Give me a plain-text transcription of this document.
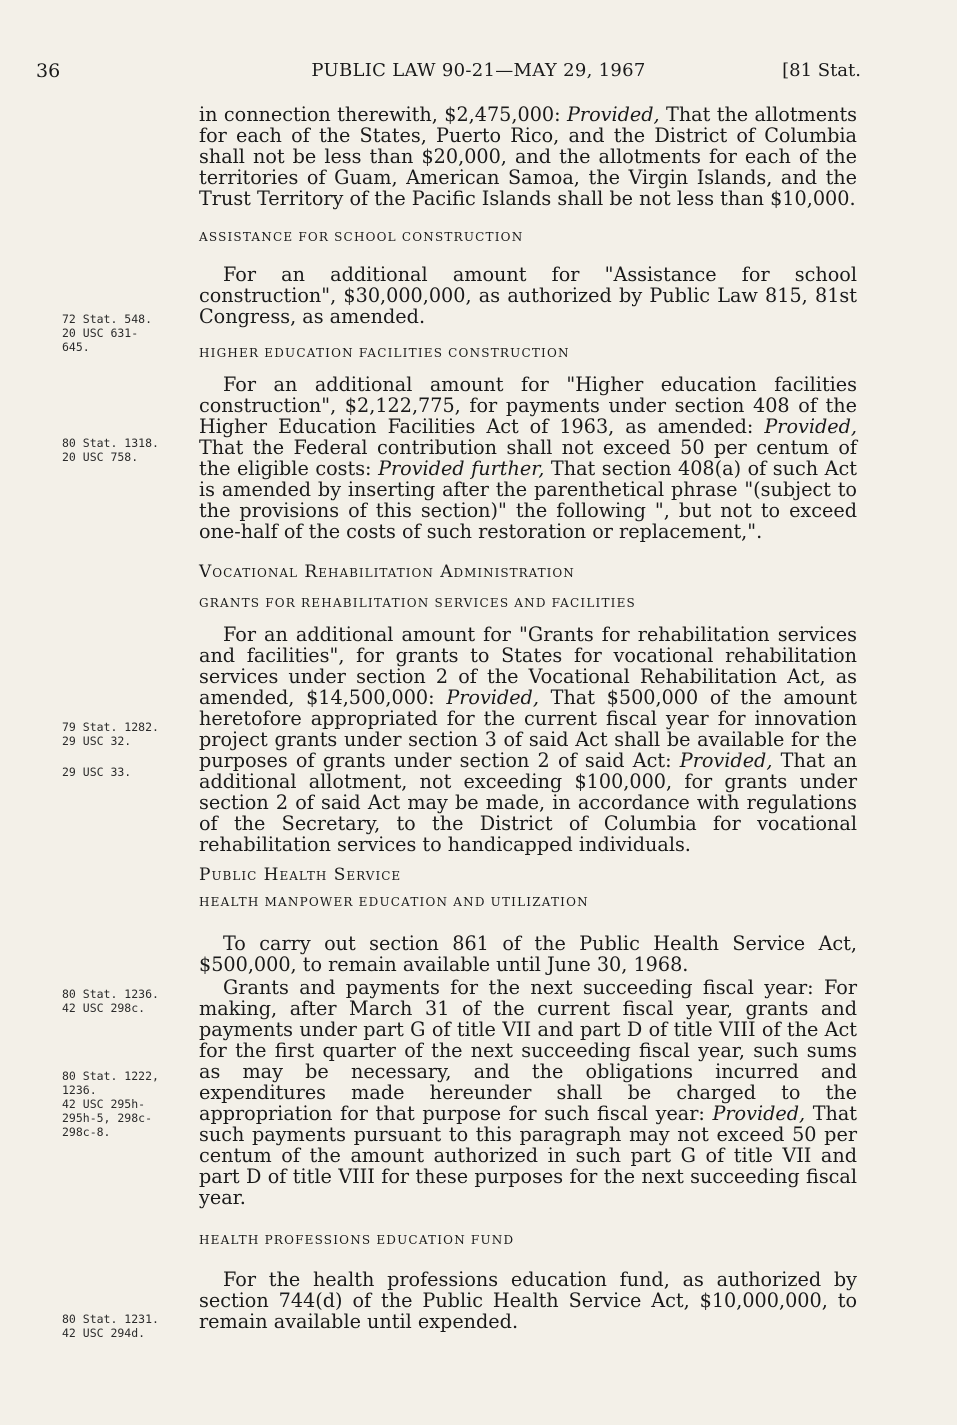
36	PUBLIC LAW 90-21—MAY 29, 1967	[81 Stat.
72 Stat. 548.
20 USC 631-
645.
80 Stat. 1318.
20 USC 758.
79 Stat. 1282.
29 USC 32.
29 USC 33.
80 Stat. 1236.
42 USC 298c.
80 Stat. 1222,
1236.
42 USC 295h-
295h-5, 298c-
298c-8.
80 Stat. 1231.
42 USC 294d.

in connection therewith, $2,475,000: Provided, That the allotments for each of the States, Puerto Rico, and the District of Columbia shall not be less than $20,000, and the allotments for each of the territories of Guam, American Samoa, the Virgin Islands, and the Trust Territory of the Pacific Islands shall be not less than $10,000.

ASSISTANCE FOR SCHOOL CONSTRUCTION

For an additional amount for "Assistance for school construction", $30,000,000, as authorized by Public Law 815, 81st Congress, as amended.

HIGHER EDUCATION FACILITIES CONSTRUCTION

For an additional amount for "Higher education facilities construction", $2,122,775, for payments under section 408 of the Higher Education Facilities Act of 1963, as amended: Provided, That the Federal contribution shall not exceed 50 per centum of the eligible costs: Provided further, That section 408(a) of such Act is amended by inserting after the parenthetical phrase "(subject to the provisions of this section)" the following ", but not to exceed one-half of the costs of such restoration or replacement,".

Vocational Rehabilitation Administration

GRANTS FOR REHABILITATION SERVICES AND FACILITIES

For an additional amount for "Grants for rehabilitation services and facilities", for grants to States for vocational rehabilitation services under section 2 of the Vocational Rehabilitation Act, as amended, $14,500,000: Provided, That $500,000 of the amount heretofore appropriated for the current fiscal year for innovation project grants under section 3 of said Act shall be available for the purposes of grants under section 2 of said Act: Provided, That an additional allotment, not exceeding $100,000, for grants under section 2 of said Act may be made, in accordance with regulations of the Secretary, to the District of Columbia for vocational rehabilitation services to handicapped individuals.

Public Health Service

HEALTH MANPOWER EDUCATION AND UTILIZATION

To carry out section 861 of the Public Health Service Act, $500,000, to remain available until June 30, 1968.

Grants and payments for the next succeeding fiscal year: For making, after March 31 of the current fiscal year, grants and payments under part G of title VII and part D of title VIII of the Act for the first quarter of the next succeeding fiscal year, such sums as may be necessary, and the obligations incurred and expenditures made hereunder shall be charged to the appropriation for that purpose for such fiscal year: Provided, That such payments pursuant to this paragraph may not exceed 50 per centum of the amount authorized in such part G of title VII and part D of title VIII for these purposes for the next succeeding fiscal year.

HEALTH PROFESSIONS EDUCATION FUND

For the health professions education fund, as authorized by section 744(d) of the Public Health Service Act, $10,000,000, to remain available until expended.
